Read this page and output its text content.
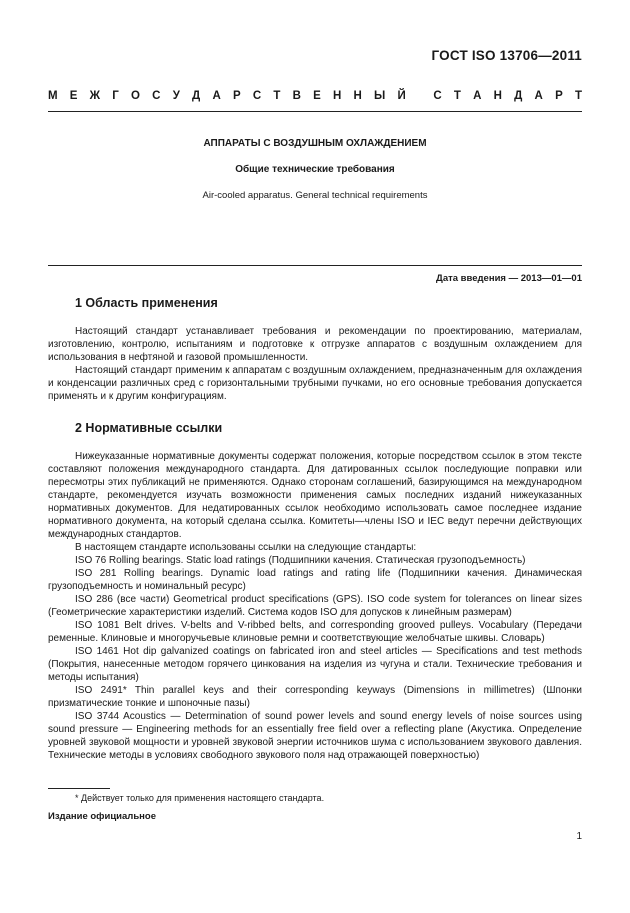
ГОСТ ISO 13706—2011
М Е Ж Г О С У Д А Р С Т В Е Н Н Ы Й
С Т А Н Д А Р Т
АППАРАТЫ С ВОЗДУШНЫМ ОХЛАЖДЕНИЕМ
Общие технические требования
Air-cooled apparatus. General technical requirements
Дата введения — 2013—01—01
1 Область применения

Настоящий стандарт устанавливает требования и рекомендации по проектированию, материалам, изготовлению, контролю, испытаниям и подготовке к отгрузке аппаратов с воздушным охлаждением для использования в нефтяной и газовой промышленности.

Настоящий стандарт применим к аппаратам с воздушным охлаждением, предназначенным для охлаждения и конденсации различных сред с горизонтальными трубными пучками, но его основные требования допускается применять и к другим конфигурациям.

2 Нормативные ссылки

Нижеуказанные нормативные документы содержат положения, которые посредством ссылок в этом тексте составляют положения международного стандарта. Для датированных ссылок последующие поправки или пересмотры этих публикаций не применяются. Однако сторонам соглашений, базирующимся на международном стандарте, рекомендуется изучать возможности применения самых последних изданий нижеуказанных нормативных документов. Для недатированных ссылок необходимо использовать самое последнее издание нормативного документа, на который сделана ссылка. Комитеты—члены ISO и IEC ведут перечни действующих международных стандартов.

В настоящем стандарте использованы ссылки на следующие стандарты:

ISO 76 Rolling bearings. Static load ratings (Подшипники качения. Статическая грузоподъемность)

ISO 281 Rolling bearings. Dynamic load ratings and rating life (Подшипники качения. Динамическая грузоподъемность и номинальный ресурс)

ISO 286 (все части) Geometrical product specifications (GPS). ISO code system for tolerances on linear sizes (Геометрические характеристики изделий. Система кодов ISO для допусков к линейным размерам)

ISO 1081 Belt drives. V-belts and V-ribbed belts, and corresponding grooved pulleys. Vocabulary (Передачи ременные. Клиновые и многоручьевые клиновые ремни и соответствующие желобчатые шкивы. Словарь)

ISO 1461 Hot dip galvanized coatings on fabricated iron and steel articles — Specifications and test methods (Покрытия, нанесенные методом горячего цинкования на изделия из чугуна и стали. Технические требования и методы испытания)

ISO 2491* Thin parallel keys and their corresponding keyways (Dimensions in millimetres) (Шпонки призматические тонкие и шпоночные пазы)

ISO 3744 Acoustics — Determination of sound power levels and sound energy levels of noise sources using sound pressure — Engineering methods for an essentially free field over a reflecting plane (Акустика. Определение уровней звуковой мощности и уровней звуковой энергии источников шума с использованием звукового давления. Технические методы в условиях свободного звукового поля над отражающей поверхностью)

* Действует только для применения настоящего стандарта.
Издание официальное
1
